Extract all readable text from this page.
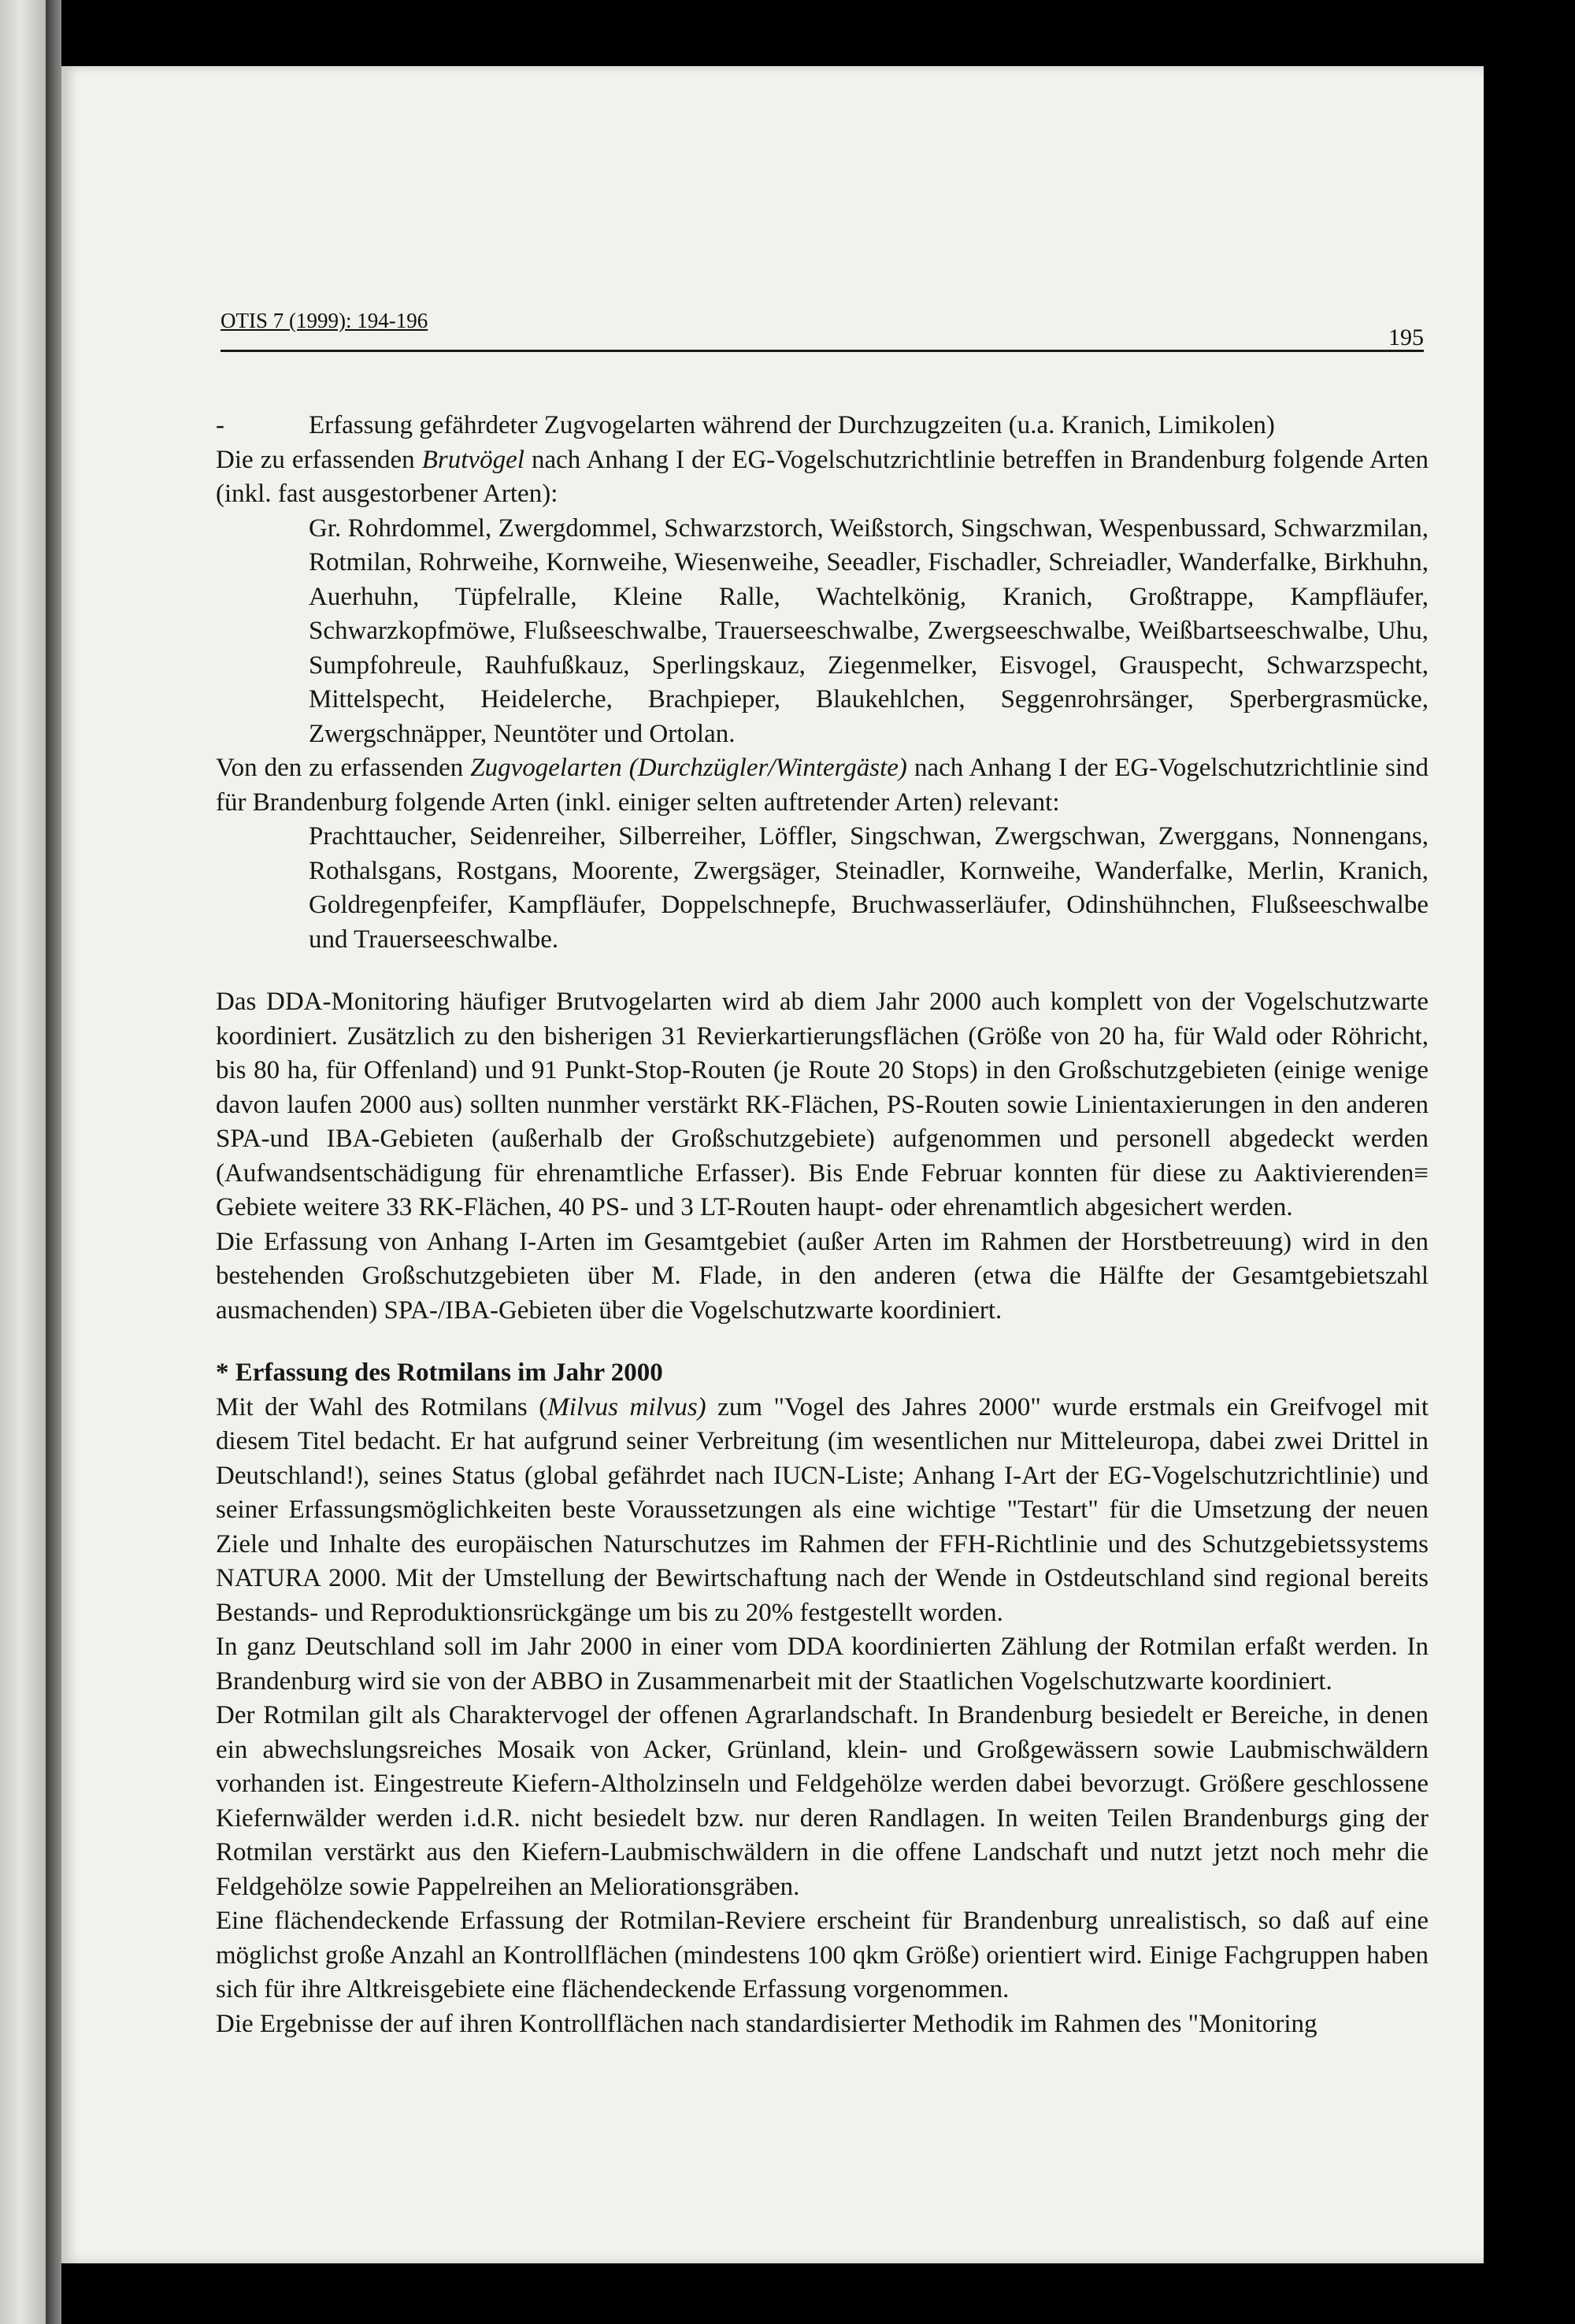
OTIS 7 (1999): 194-196
195

-	Erfassung gefährdeter Zugvogelarten während der Durchzugzeiten (u.a. Kranich, Limikolen)

Die zu erfassenden Brutvögel nach Anhang I der EG-Vogelschutzrichtlinie betreffen in Brandenburg folgende Arten (inkl. fast ausgestorbener Arten):

Gr. Rohrdommel, Zwergdommel, Schwarzstorch, Weißstorch, Singschwan, Wespenbussard, Schwarzmilan, Rotmilan, Rohrweihe, Kornweihe, Wiesenweihe, Seeadler, Fischadler, Schreiadler, Wanderfalke, Birkhuhn, Auerhuhn, Tüpfelralle, Kleine Ralle, Wachtelkönig, Kranich, Großtrappe, Kampfläufer, Schwarzkopfmöwe, Flußseeschwalbe, Trauerseeschwalbe, Zwergseeschwalbe, Weißbartseeschwalbe, Uhu, Sumpfohreule, Rauhfußkauz, Sperlingskauz, Ziegenmelker, Eisvogel, Grauspecht, Schwarzspecht, Mittelspecht, Heidelerche, Brachpieper, Blaukehlchen, Seggenrohrsänger, Sperbergrasmücke, Zwergschnäpper, Neuntöter und Ortolan.

Von den zu erfassenden Zugvogelarten (Durchzügler/Wintergäste) nach Anhang I der EG-Vogelschutzrichtlinie sind für Brandenburg folgende Arten (inkl. einiger selten auftretender Arten) relevant:

Prachttaucher, Seidenreiher, Silberreiher, Löffler, Singschwan, Zwergschwan, Zwerggans, Nonnengans, Rothalsgans, Rostgans, Moorente, Zwergsäger, Steinadler, Kornweihe, Wanderfalke, Merlin, Kranich, Goldregenpfeifer, Kampfläufer, Doppelschnepfe, Bruchwasserläufer, Odinshühnchen, Flußseeschwalbe und Trauerseeschwalbe.

Das DDA-Monitoring häufiger Brutvogelarten wird ab diem Jahr 2000 auch komplett von der Vogelschutzwarte koordiniert. Zusätzlich zu den bisherigen 31 Revierkartierungsflächen (Größe von 20 ha, für Wald oder Röhricht, bis 80 ha, für Offenland) und 91 Punkt-Stop-Routen (je Route 20 Stops) in den Großschutzgebieten (einige wenige davon laufen 2000 aus) sollten nunmher verstärkt RK-Flächen, PS-Routen sowie Linientaxierungen in den anderen SPA-und IBA-Gebieten (außerhalb der Großschutzgebiete) aufgenommen und personell abgedeckt werden (Aufwandsentschädigung für ehrenamtliche Erfasser). Bis Ende Februar konnten für diese zu Aaktivierenden≡ Gebiete weitere 33 RK-Flächen, 40 PS- und 3 LT-Routen haupt- oder ehrenamtlich abgesichert werden.

Die Erfassung von Anhang I-Arten im Gesamtgebiet (außer Arten im Rahmen der Horstbetreuung) wird in den bestehenden Großschutzgebieten über M. Flade, in den anderen (etwa die Hälfte der Gesamtgebietszahl ausmachenden) SPA-/IBA-Gebieten über die Vogelschutzwarte koordiniert.

* Erfassung des Rotmilans im Jahr 2000

Mit der Wahl des Rotmilans (Milvus milvus) zum "Vogel des Jahres 2000" wurde erstmals ein Greifvogel mit diesem Titel bedacht. Er hat aufgrund seiner Verbreitung (im wesentlichen nur Mitteleuropa, dabei zwei Drittel in Deutschland!), seines Status (global gefährdet nach IUCN-Liste; Anhang I-Art der EG-Vogelschutzrichtlinie) und seiner Erfassungsmöglichkeiten beste Voraussetzungen als eine wichtige "Testart" für die Umsetzung der neuen Ziele und Inhalte des europäischen Naturschutzes im Rahmen der FFH-Richtlinie und des Schutzgebietssystems NATURA 2000. Mit der Umstellung der Bewirtschaftung nach der Wende in Ostdeutschland sind regional bereits Bestands- und Reproduktionsrückgänge um bis zu 20% festgestellt worden.

In ganz Deutschland soll im Jahr 2000 in einer vom DDA koordinierten Zählung der Rotmilan erfaßt werden. In Brandenburg wird sie von der ABBO in Zusammenarbeit mit der Staatlichen Vogelschutzwarte koordiniert.

Der Rotmilan gilt als Charaktervogel der offenen Agrarlandschaft. In Brandenburg besiedelt er Bereiche, in denen ein abwechslungsreiches Mosaik von Acker, Grünland, klein- und Großgewässern sowie Laubmischwäldern vorhanden ist. Eingestreute Kiefern-Altholzinseln und Feldgehölze werden dabei bevorzugt. Größere geschlossene Kiefernwälder werden i.d.R. nicht besiedelt bzw. nur deren Randlagen. In weiten Teilen Brandenburgs ging der Rotmilan verstärkt aus den Kiefern-Laubmischwäldern in die offene Landschaft und nutzt jetzt noch mehr die Feldgehölze sowie Pappelreihen an Meliorationsgräben.

Eine flächendeckende Erfassung der Rotmilan-Reviere erscheint für Brandenburg unrealistisch, so daß auf eine möglichst große Anzahl an Kontrollflächen (mindestens 100 qkm Größe) orientiert wird. Einige Fachgruppen haben sich für ihre Altkreisgebiete eine flächendeckende Erfassung vorgenommen.

Die Ergebnisse der auf ihren Kontrollflächen nach standardisierter Methodik im Rahmen des "Monitoring
